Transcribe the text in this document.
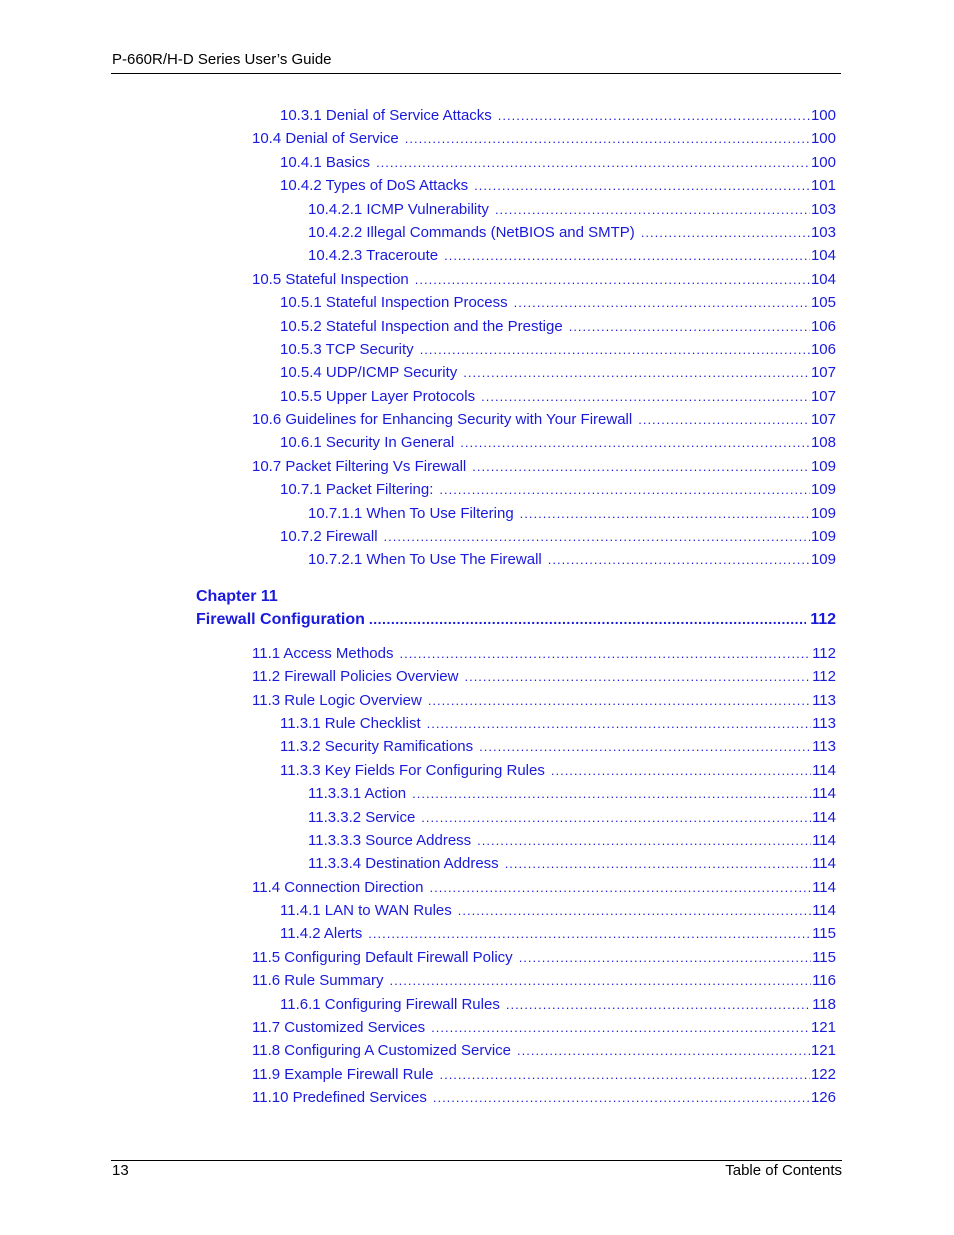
P-660R/H-D Series User’s Guide
10.3.1 Denial of Service Attacks .....	100
10.4 Denial of Service .....	100
10.4.1 Basics .....	100
10.4.2 Types of DoS Attacks .....	101
10.4.2.1 ICMP Vulnerability .....	103
10.4.2.2 Illegal Commands (NetBIOS and SMTP) .....	103
10.4.2.3 Traceroute .....	104
10.5 Stateful Inspection .....	104
10.5.1 Stateful Inspection Process .....	105
10.5.2 Stateful Inspection and the Prestige .....	106
10.5.3 TCP Security .....	106
10.5.4 UDP/ICMP Security .....	107
10.5.5 Upper Layer Protocols .....	107
10.6 Guidelines for Enhancing Security with Your Firewall .....	107
10.6.1 Security In General .....	108
10.7 Packet Filtering Vs Firewall .....	109
10.7.1 Packet Filtering: .....	109
10.7.1.1 When To Use Filtering .....	109
10.7.2 Firewall .....	109
10.7.2.1 When To Use The Firewall .....	109
Chapter 11
Firewall Configuration .....	112
11.1 Access Methods .....	112
11.2 Firewall Policies Overview .....	112
11.3 Rule Logic Overview .....	113
11.3.1 Rule Checklist .....	113
11.3.2 Security Ramifications .....	113
11.3.3 Key Fields For Configuring Rules .....	114
11.3.3.1 Action .....	114
11.3.3.2 Service .....	114
11.3.3.3 Source Address .....	114
11.3.3.4 Destination Address .....	114
11.4 Connection Direction .....	114
11.4.1 LAN to WAN Rules .....	114
11.4.2 Alerts .....	115
11.5 Configuring Default Firewall Policy .....	115
11.6 Rule Summary .....	116
11.6.1 Configuring Firewall Rules .....	118
11.7 Customized Services .....	121
11.8 Configuring A Customized Service .....	121
11.9 Example Firewall Rule .....	122
11.10 Predefined Services .....	126
13	Table of Contents
